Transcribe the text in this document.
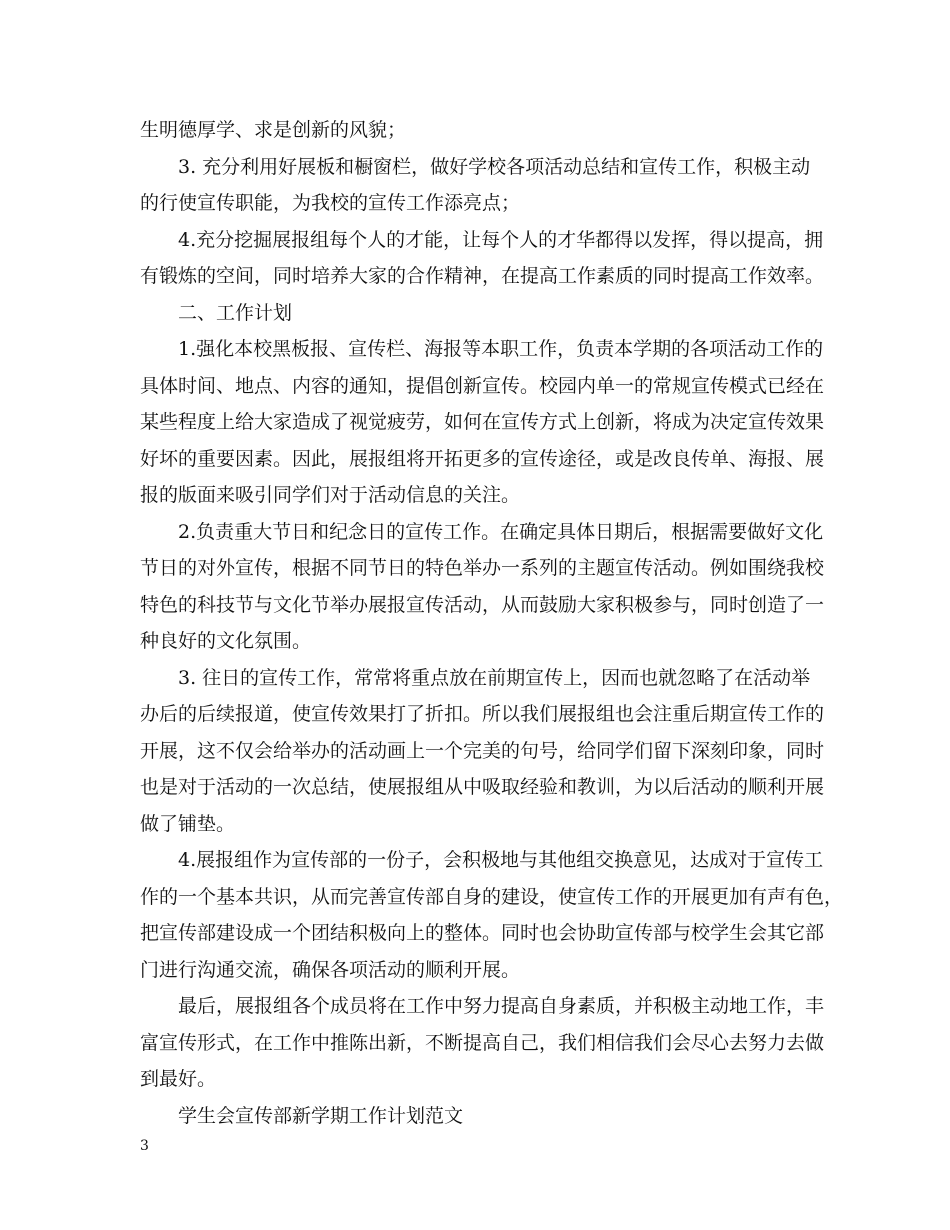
生明德厚学、求是创新的风貌；
3. 充分利用好展板和橱窗栏，做好学校各项活动总结和宣传工作，积极主动
的行使宣传职能，为我校的宣传工作添亮点；
4.充分挖掘展报组每个人的才能，让每个人的才华都得以发挥，得以提高，拥
有锻炼的空间，同时培养大家的合作精神，在提高工作素质的同时提高工作效率。
二、工作计划
1.强化本校黑板报、宣传栏、海报等本职工作，负责本学期的各项活动工作的
具体时间、地点、内容的通知，提倡创新宣传。校园内单一的常规宣传模式已经在
某些程度上给大家造成了视觉疲劳，如何在宣传方式上创新，将成为决定宣传效果
好坏的重要因素。因此，展报组将开拓更多的宣传途径，或是改良传单、海报、展
报的版面来吸引同学们对于活动信息的关注。
2.负责重大节日和纪念日的宣传工作。在确定具体日期后，根据需要做好文化
节日的对外宣传，根据不同节日的特色举办一系列的主题宣传活动。例如围绕我校
特色的科技节与文化节举办展报宣传活动，从而鼓励大家积极参与，同时创造了一
种良好的文化氛围。
3. 往日的宣传工作，常常将重点放在前期宣传上，因而也就忽略了在活动举
办后的后续报道，使宣传效果打了折扣。所以我们展报组也会注重后期宣传工作的
开展，这不仅会给举办的活动画上一个完美的句号，给同学们留下深刻印象，同时
也是对于活动的一次总结，使展报组从中吸取经验和教训，为以后活动的顺利开展
做了铺垫。
4.展报组作为宣传部的一份子，会积极地与其他组交换意见，达成对于宣传工
作的一个基本共识，从而完善宣传部自身的建设，使宣传工作的开展更加有声有色，
把宣传部建设成一个团结积极向上的整体。同时也会协助宣传部与校学生会其它部
门进行沟通交流，确保各项活动的顺利开展。
最后，展报组各个成员将在工作中努力提高自身素质，并积极主动地工作，丰
富宣传形式，在工作中推陈出新，不断提高自己，我们相信我们会尽心去努力去做
到最好。
学生会宣传部新学期工作计划范文
3
